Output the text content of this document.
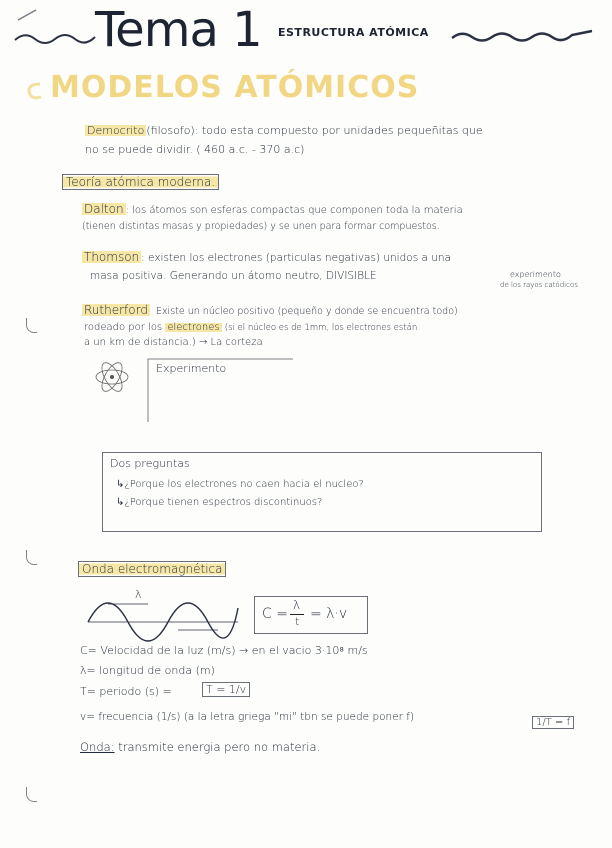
Tema 1 ESTRUCTURA ATÓMICA
MODELOS ATÓMICOS
Democrito (filosofo): todo esta compuesto por unidades pequeñitas que
no se puede dividir. ( 460 a.c. - 370 a.c)
Teoría atómica moderna.
Dalton : los átomos son esferas compactas que componen toda la materia
(tienen distintas masas y propiedades) y se unen para formar compuestos.
Thomson : existen los electrones (particulas negativas) unidos a una
masa positiva. Generando un átomo neutro, DIVISIBLE	experimento
de los rayos catódicos
Rutherford Existe un núcleo positivo (pequeño y donde se encuentra todo)
rodeado por los electrones (si el núcleo es de 1mm, los electrones están
a un km de distancia.) → La corteza
Experimento
Dos preguntas
↳¿Porque los electrones no caen hacia el nucleo?
↳¿Porque tienen espectros discontinuos?
Onda electromagnética
λ
C =
λ
t = λ·v
C= Velocidad de la luz (m/s) → en el vacio 3·10⁸ m/s
λ= longitud de onda (m)
T= periodo (s) =	T = 1/v
v= frecuencia (1/s) (a la letra griega "mi" tbn se puede poner f)	1/T = f
Onda: transmite energia pero no materia.
